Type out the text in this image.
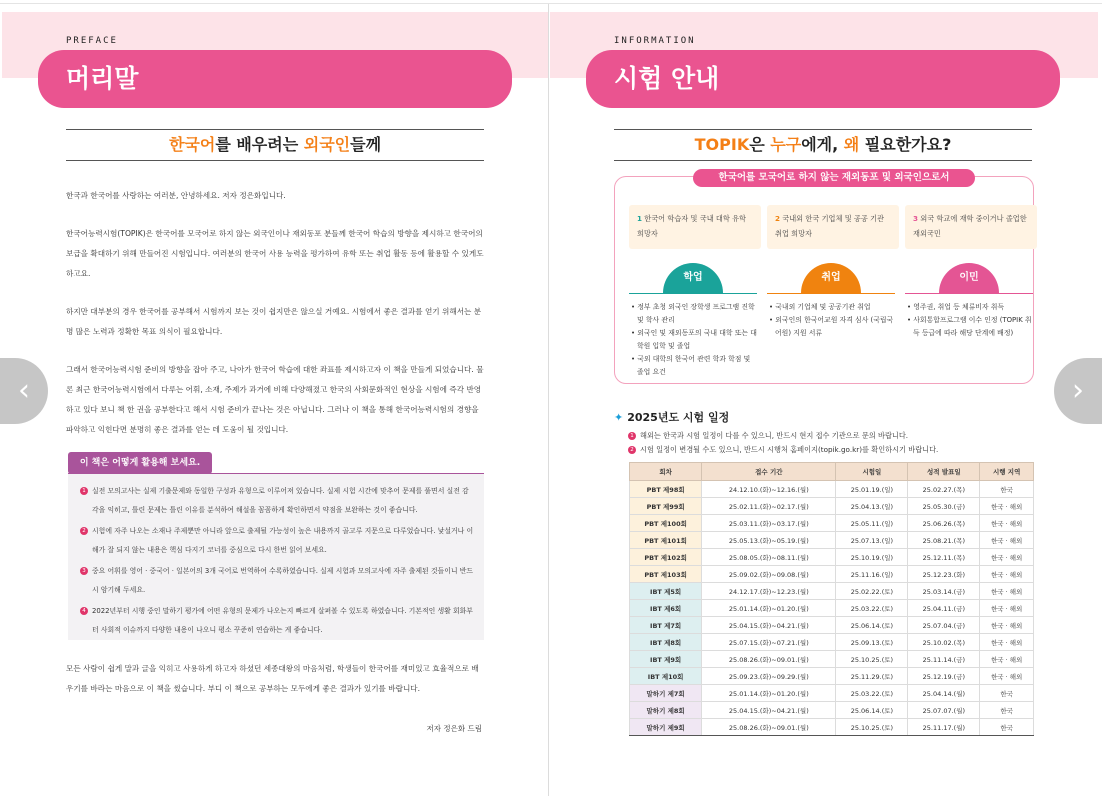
PREFACE
머리말
한국어를 배우려는 외국인들께
한국과 한국어를 사랑하는 여러분, 안녕하세요. 저자 정은화입니다.
한국어능력시험(TOPIK)은 한국어를 모국어로 하지 않는 외국인이나 재외동포 분들께 한국어 학습의 방향을 제시하고 한국어의 보급을 확대하기 위해 만들어진 시험입니다. 여러분의 한국어 사용 능력을 평가하여 유학 또는 취업 활동 등에 활용할 수 있게도 하고요.
하지만 대부분의 경우 한국어를 공부해서 시험까지 보는 것이 쉽지만은 않으실 거예요. 시험에서 좋은 결과를 얻기 위해서는 분명 많은 노력과 정확한 목표 의식이 필요합니다.
그래서 한국어능력시험 준비의 방향을 잡아 주고, 나아가 한국어 학습에 대한 좌표를 제시하고자 이 책을 만들게 되었습니다. 물론 최근 한국어능력시험에서 다루는 어휘, 소재, 주제가 과거에 비해 다양해졌고 한국의 사회문화적인 현상을 시험에 즉각 반영하고 있다 보니 책 한 권을 공부한다고 해서 시험 준비가 끝나는 것은 아닙니다. 그러나 이 책을 통해 한국어능력시험의 경향을 파악하고 익힌다면 분명히 좋은 결과를 얻는 데 도움이 될 것입니다.
이 책은 어떻게 활용해 보세요.
1 실전 모의고사는 실제 기출문제와 동일한 구성과 유형으로 이루어져 있습니다. 실제 시험 시간에 맞추어 문제를 풀면서 실전 감각을 익히고, 틀린 문제는 틀린 이유를 분석하여 해설을 꼼꼼하게 확인하면서 약점을 보완하는 것이 좋습니다.
2 시험에 자주 나오는 소재나 주제뿐만 아니라 앞으로 출제될 가능성이 높은 내용까지 골고루 지문으로 다루었습니다. 낯설거나 이해가 잘 되지 않는 내용은 핵심 다지기 코너를 중심으로 다시 한번 읽어 보세요.
3 중요 어휘를 영어 · 중국어 · 일본어의 3개 국어로 번역하여 수록하였습니다. 실제 시험과 모의고사에 자주 출제된 것들이니 반드시 암기해 두세요.
4 2022년부터 시행 중인 말하기 평가에 어떤 유형의 문제가 나오는지 빠르게 살펴볼 수 있도록 하였습니다. 기본적인 생활 회화부터 사회적 이슈까지 다양한 내용이 나오니 평소 꾸준히 연습하는 게 좋습니다.
모든 사람이 쉽게 말과 글을 익히고 사용하게 하고자 하셨던 세종대왕의 마음처럼, 학생들이 한국어를 재미있고 효율적으로 배우기를 바라는 마음으로 이 책을 썼습니다. 부디 이 책으로 공부하는 모두에게 좋은 결과가 있기를 바랍니다.
저자 정은화 드림
INFORMATION
시험 안내
TOPIK은 누구에게, 왜 필요한가요?
한국어를 모국어로 하지 않는 재외동포 및 외국인으로서
1 한국어 학습자 및 국내 대학 유학 희망자
학업
• 정부 초청 외국인 장학생 프로그램 진학 및 학사 관리
• 외국인 및 재외동포의 국내 대학 또는 대학원 입학 및 졸업
• 국외 대학의 한국어 관련 학과 학점 및 졸업 요건
2 국내외 한국 기업체 및 공공 기관 취업 희망자
취업
• 국내외 기업체 및 공공기관 취업
• 외국인의 한국어교원 자격 심사 (국립국어원) 지원 서류
3 외국 학교에 재학 중이거나 졸업한 재외국민
이민
• 영주권, 취업 등 체류비자 취득
• 사회통합프로그램 이수 인정 (TOPIK 취득 등급에 따라 해당 단계에 배정)
✦ 2025년도 시험 일정
1 해외는 한국과 시험 일정이 다를 수 있으니, 반드시 현지 접수 기관으로 문의 바랍니다.
2 시험 일정이 변경될 수도 있으니, 반드시 시행처 홈페이지(topik.go.kr)를 확인하시기 바랍니다.
회차	접수 기간	시험일	성적 발표일	시행 지역
PBT 제98회	24.12.10.(화)~12.16.(월)	25.01.19.(일)	25.02.27.(목)	한국
PBT 제99회	25.02.11.(화)~02.17.(월)	25.04.13.(일)	25.05.30.(금)	한국 · 해외
PBT 제100회	25.03.11.(화)~03.17.(월)	25.05.11.(일)	25.06.26.(목)	한국 · 해외
PBT 제101회	25.05.13.(화)~05.19.(월)	25.07.13.(일)	25.08.21.(목)	한국 · 해외
PBT 제102회	25.08.05.(화)~08.11.(월)	25.10.19.(일)	25.12.11.(목)	한국 · 해외
PBT 제103회	25.09.02.(화)~09.08.(월)	25.11.16.(일)	25.12.23.(화)	한국 · 해외
IBT 제5회	24.12.17.(화)~12.23.(월)	25.02.22.(토)	25.03.14.(금)	한국 · 해외
IBT 제6회	25.01.14.(화)~01.20.(월)	25.03.22.(토)	25.04.11.(금)	한국 · 해외
IBT 제7회	25.04.15.(화)~04.21.(월)	25.06.14.(토)	25.07.04.(금)	한국 · 해외
IBT 제8회	25.07.15.(화)~07.21.(월)	25.09.13.(토)	25.10.02.(목)	한국 · 해외
IBT 제9회	25.08.26.(화)~09.01.(월)	25.10.25.(토)	25.11.14.(금)	한국 · 해외
IBT 제10회	25.09.23.(화)~09.29.(월)	25.11.29.(토)	25.12.19.(금)	한국 · 해외
말하기 제7회	25.01.14.(화)~01.20.(월)	25.03.22.(토)	25.04.14.(월)	한국
말하기 제8회	25.04.15.(화)~04.21.(월)	25.06.14.(토)	25.07.07.(월)	한국
말하기 제9회	25.08.26.(화)~09.01.(월)	25.10.25.(토)	25.11.17.(월)	한국
‹	›
